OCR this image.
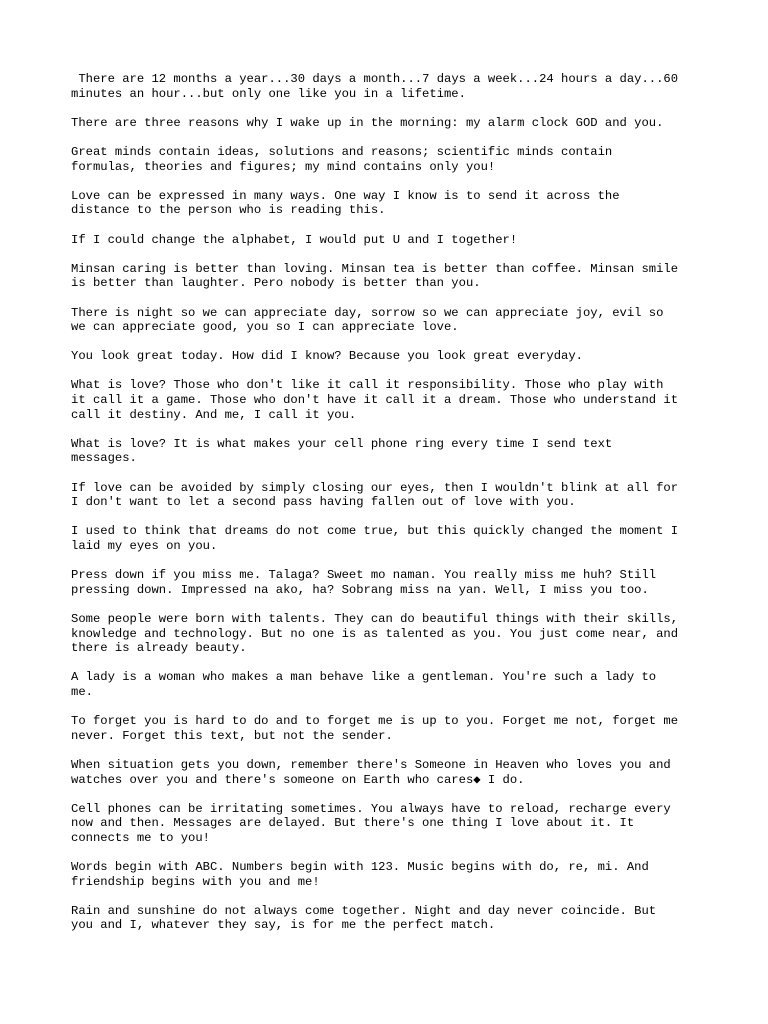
There are 12 months a year...30 days a month...7 days a week...24 hours a day...60
minutes an hour...but only one like you in a lifetime.

There are three reasons why I wake up in the morning: my alarm clock GOD and you.

Great minds contain ideas, solutions and reasons; scientific minds contain
formulas, theories and figures; my mind contains only you!

Love can be expressed in many ways. One way I know is to send it across the
distance to the person who is reading this.

If I could change the alphabet, I would put U and I together!

Minsan caring is better than loving. Minsan tea is better than coffee. Minsan smile
is better than laughter. Pero nobody is better than you.

There is night so we can appreciate day, sorrow so we can appreciate joy, evil so
we can appreciate good, you so I can appreciate love.

You look great today. How did I know? Because you look great everyday.

What is love? Those who don't like it call it responsibility. Those who play with
it call it a game. Those who don't have it call it a dream. Those who understand it
call it destiny. And me, I call it you.

What is love? It is what makes your cell phone ring every time I send text
messages.

If love can be avoided by simply closing our eyes, then I wouldn't blink at all for
I don't want to let a second pass having fallen out of love with you.

I used to think that dreams do not come true, but this quickly changed the moment I
laid my eyes on you.

Press down if you miss me. Talaga? Sweet mo naman. You really miss me huh? Still
pressing down. Impressed na ako, ha? Sobrang miss na yan. Well, I miss you too.

Some people were born with talents. They can do beautiful things with their skills,
knowledge and technology. But no one is as talented as you. You just come near, and
there is already beauty.

A lady is a woman who makes a man behave like a gentleman. You're such a lady to
me.

To forget you is hard to do and to forget me is up to you. Forget me not, forget me
never. Forget this text, but not the sender.

When situation gets you down, remember there's Someone in Heaven who loves you and
watches over you and there's someone on Earth who cares◆ I do.

Cell phones can be irritating sometimes. You always have to reload, recharge every
now and then. Messages are delayed. But there's one thing I love about it. It
connects me to you!

Words begin with ABC. Numbers begin with 123. Music begins with do, re, mi. And
friendship begins with you and me!

Rain and sunshine do not always come together. Night and day never coincide. But
you and I, whatever they say, is for me the perfect match.
